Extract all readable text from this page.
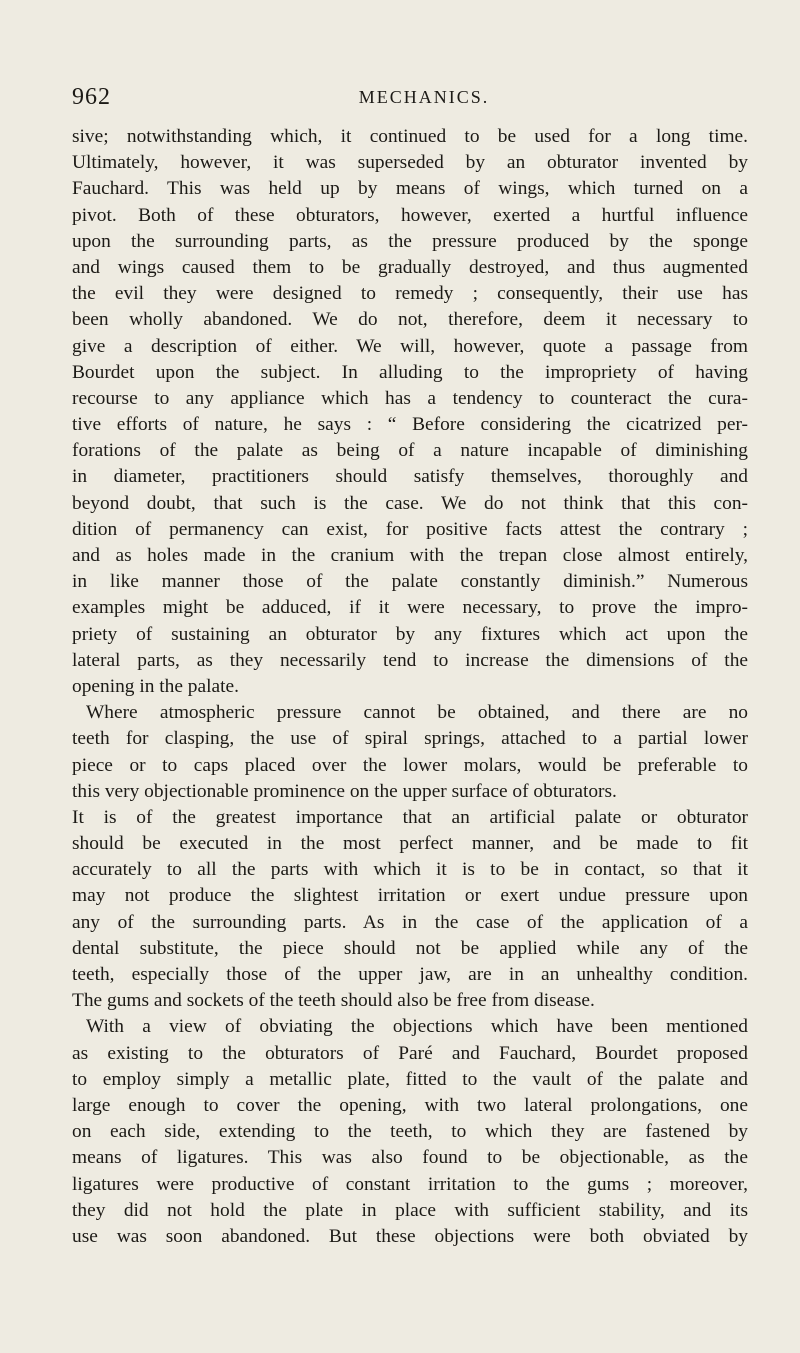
962	MECHANICS.
sive; notwithstanding which, it continued to be used for a long time.
Ultimately, however, it was superseded by an obturator invented by
Fauchard. This was held up by means of wings, which turned on a
pivot. Both of these obturators, however, exerted a hurtful influence
upon the surrounding parts, as the pressure produced by the sponge
and wings caused them to be gradually destroyed, and thus augmented
the evil they were designed to remedy ; consequently, their use has
been wholly abandoned. We do not, therefore, deem it necessary to
give a description of either. We will, however, quote a passage from
Bourdet upon the subject. In alluding to the impropriety of having
recourse to any appliance which has a tendency to counteract the cura-
tive efforts of nature, he says : “ Before considering the cicatrized per-
forations of the palate as being of a nature incapable of diminishing
in diameter, practitioners should satisfy themselves, thoroughly and
beyond doubt, that such is the case. We do not think that this con-
dition of permanency can exist, for positive facts attest the contrary ;
and as holes made in the cranium with the trepan close almost entirely,
in like manner those of the palate constantly diminish.” Numerous
examples might be adduced, if it were necessary, to prove the impro-
priety of sustaining an obturator by any fixtures which act upon the
lateral parts, as they necessarily tend to increase the dimensions of the
opening in the palate.
Where atmospheric pressure cannot be obtained, and there are no
teeth for clasping, the use of spiral springs, attached to a partial lower
piece or to caps placed over the lower molars, would be preferable to
this very objectionable prominence on the upper surface of obturators.
It is of the greatest importance that an artificial palate or obturator
should be executed in the most perfect manner, and be made to fit
accurately to all the parts with which it is to be in contact, so that it
may not produce the slightest irritation or exert undue pressure upon
any of the surrounding parts. As in the case of the application of a
dental substitute, the piece should not be applied while any of the
teeth, especially those of the upper jaw, are in an unhealthy condition.
The gums and sockets of the teeth should also be free from disease.
With a view of obviating the objections which have been mentioned
as existing to the obturators of Paré and Fauchard, Bourdet proposed
to employ simply a metallic plate, fitted to the vault of the palate and
large enough to cover the opening, with two lateral prolongations, one
on each side, extending to the teeth, to which they are fastened by
means of ligatures. This was also found to be objectionable, as the
ligatures were productive of constant irritation to the gums ; moreover,
they did not hold the plate in place with sufficient stability, and its
use was soon abandoned. But these objections were both obviated by
